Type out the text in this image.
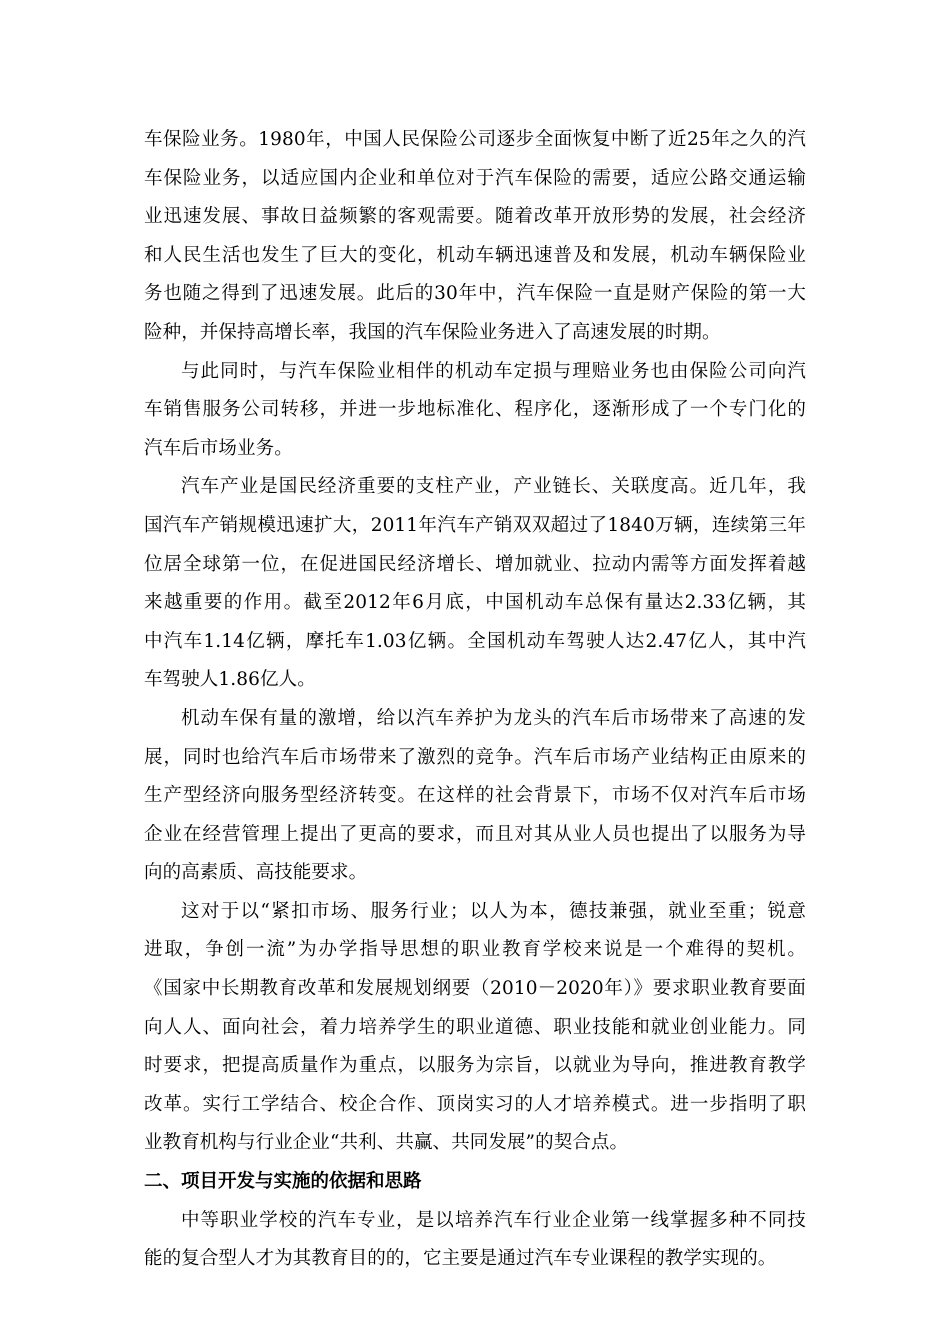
车保险业务。1980年，中国人民保险公司逐步全面恢复中断了近25年之久的汽
车保险业务，以适应国内企业和单位对于汽车保险的需要，适应公路交通运输
业迅速发展、事故日益频繁的客观需要。随着改革开放形势的发展，社会经济
和人民生活也发生了巨大的变化，机动车辆迅速普及和发展，机动车辆保险业
务也随之得到了迅速发展。此后的30年中，汽车保险一直是财产保险的第一大
险种，并保持高增长率，我国的汽车保险业务进入了高速发展的时期。
与此同时，与汽车保险业相伴的机动车定损与理赔业务也由保险公司向汽
车销售服务公司转移，并进一步地标准化、程序化，逐渐形成了一个专门化的
汽车后市场业务。
汽车产业是国民经济重要的支柱产业，产业链长、关联度高。近几年，我
国汽车产销规模迅速扩大，2011年汽车产销双双超过了1840万辆，连续第三年
位居全球第一位，在促进国民经济增长、增加就业、拉动内需等方面发挥着越
来越重要的作用。截至2012年6月底，中国机动车总保有量达2.33亿辆，其
中汽车1.14亿辆，摩托车1.03亿辆。全国机动车驾驶人达2.47亿人，其中汽
车驾驶人1.86亿人。
机动车保有量的激增，给以汽车养护为龙头的汽车后市场带来了高速的发
展，同时也给汽车后市场带来了激烈的竞争。汽车后市场产业结构正由原来的
生产型经济向服务型经济转变。在这样的社会背景下，市场不仅对汽车后市场
企业在经营管理上提出了更高的要求，而且对其从业人员也提出了以服务为导
向的高素质、高技能要求。
这对于以“紧扣市场、服务行业；以人为本，德技兼强，就业至重；锐意
进取，争创一流”为办学指导思想的职业教育学校来说是一个难得的契机。
《国家中长期教育改革和发展规划纲要（2010－2020年）》要求职业教育要面
向人人、面向社会，着力培养学生的职业道德、职业技能和就业创业能力。同
时要求，把提高质量作为重点，以服务为宗旨，以就业为导向，推进教育教学
改革。实行工学结合、校企合作、顶岗实习的人才培养模式。进一步指明了职
业教育机构与行业企业“共利、共赢、共同发展”的契合点。
二、项目开发与实施的依据和思路
中等职业学校的汽车专业，是以培养汽车行业企业第一线掌握多种不同技
能的复合型人才为其教育目的的，它主要是通过汽车专业课程的教学实现的。
